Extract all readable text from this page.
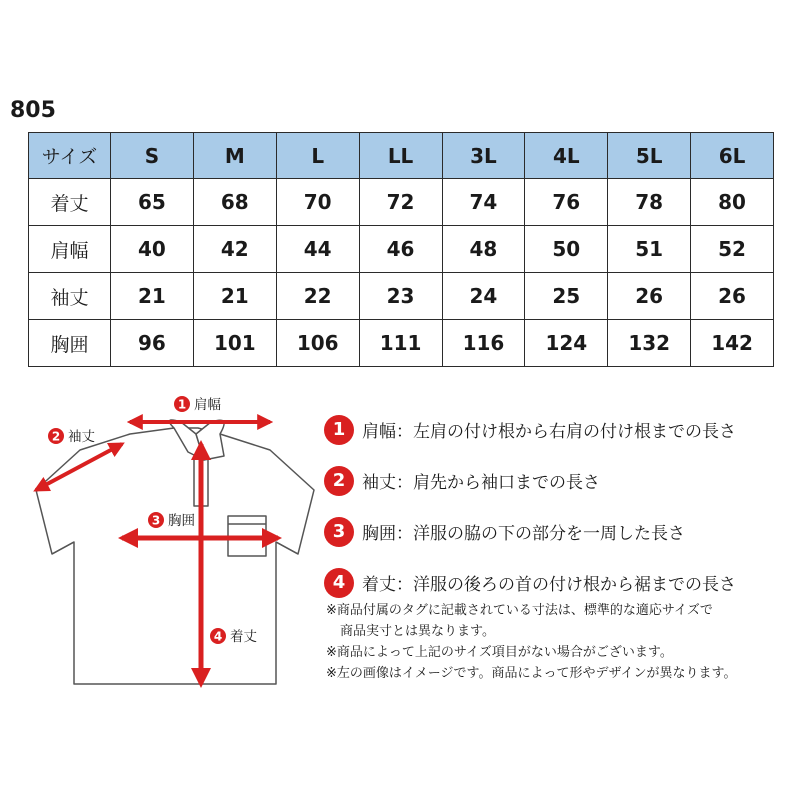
805
サイズ	S	M	L	LL	3L	4L	5L	6L
着丈	65	68	70	72	74	76	78	80
肩幅	40	42	44	46	48	50	51	52
袖丈	21	21	22	23	24	25	26	26
胸囲	96	101	106	111	116	124	132	142
1 肩幅
2 袖丈
3 胸囲
4 着丈
1 肩幅：左肩の付け根から右肩の付け根までの長さ
2 袖丈：肩先から袖口までの長さ
3 胸囲：洋服の脇の下の部分を一周した長さ
4 着丈：洋服の後ろの首の付け根から裾までの長さ
※商品付属のタグに記載されている寸法は、標準的な適応サイズで
商品実寸とは異なります。
※商品によって上記のサイズ項目がない場合がございます。
※左の画像はイメージです。商品によって形やデザインが異なります。
